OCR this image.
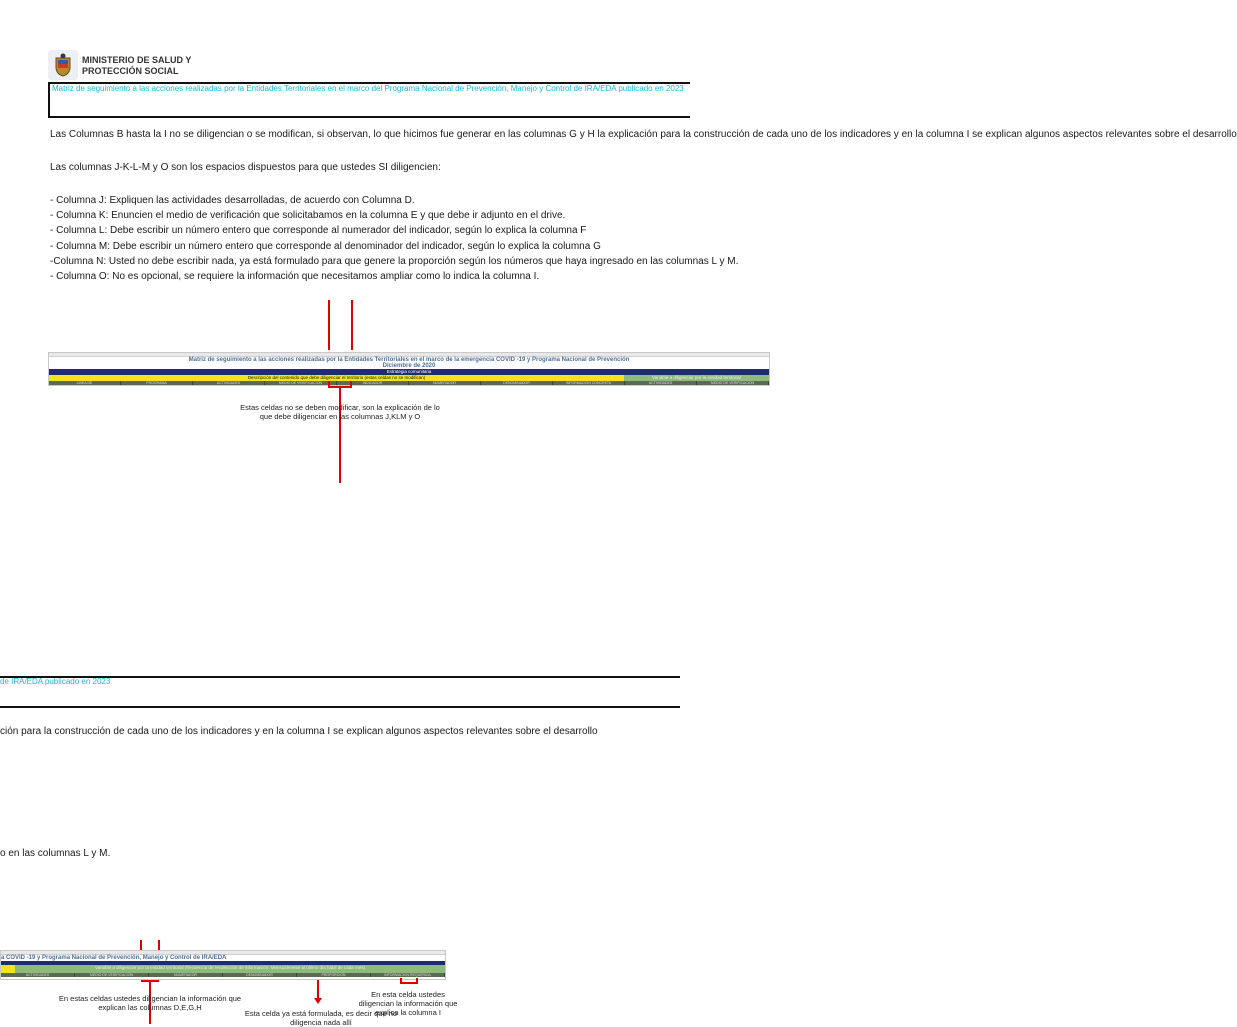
MINISTERIO DE SALUD Y
PROTECCIÓN SOCIAL
Matriz de seguimiento a las acciones realizadas por la Entidades Territoriales en el marco del Programa Nacional de Prevención, Manejo y Control de IRA/EDA publicado en 2023
Las Columnas B hasta la I no se diligencian o se modifican, si observan, lo que hicimos fue generar en las columnas G y H la explicación para la construcción de cada uno de los indicadores y en la columna I se explican algunos aspectos relevantes sobre el desarrollo
Las columnas J-K-L-M y O son los espacios dispuestos para que ustedes SI diligencien:
- Columna J: Expliquen las actividades desarrolladas, de acuerdo con Columna D.
- Columna K: Enuncien el medio de verificación que solicitabamos en la columna E y que debe ir adjunto en el drive.
- Columna L: Debe escribir un número entero que corresponde al numerador del indicador, según lo explica la columna F
- Columna M: Debe escribir un número entero que corresponde al denominador del indicador, según lo explica la columna G
-Columna N: Usted no debe escribir nada, ya está formulado para que genere la proporción según los números que haya ingresado en las columnas L y M.
- Columna O: No es opcional, se requiere la información que necesitamos ampliar como lo indica la columna I.
Matriz de seguimiento a las acciones realizadas por la Entidades Territoriales en el marco de la emergencia COVID -19 y Programa Nacional de Prevención
Diciembre de 2020
Estrategia comunitaria
Descripción del contenido que debe diligenciar el territorio (estas celdas no se modifican)	Variable a diligenciar por la entidad territorial
LINEA DE	PROGRAMA	ACTIVIDADES	MEDIO DE VERIFICACION	INDICADOR	NUMERADOR	DENOMINADOR	INFORMACION CONCRETA	ACTIVIDADES	MEDIO DE VERIFICACION
Estas celdas no se deben modificar, son la explicación de lo que debe diligenciar en las columnas J,KLM y O
de IRA/EDA publicado en 2023
ción para la construcción de cada uno de los indicadores y en la columna I se explican algunos aspectos relevantes sobre el desarrollo
o en las columnas L y M.
a COVID -19 y Programa Nacional de Prevención, Manejo y Control de IRA/EDA
Variable a diligenciar por la entidad territorial (frecuencia de recolección de información: Mensualmente al último día hábil de cada mes)
ACTIVIDADES	MEDIO DE VERIFICACION	NUMERADOR	DENOMINADOR	PROPORCION	INFORMACION REQUERIDA
En estas celdas ustedes diligencian la información que explican las columnas D,E,G,H
Esta celda ya está formulada, es decir que no diligencia nada allí
En esta celda ustedes diligencian la información que explica la columna I
